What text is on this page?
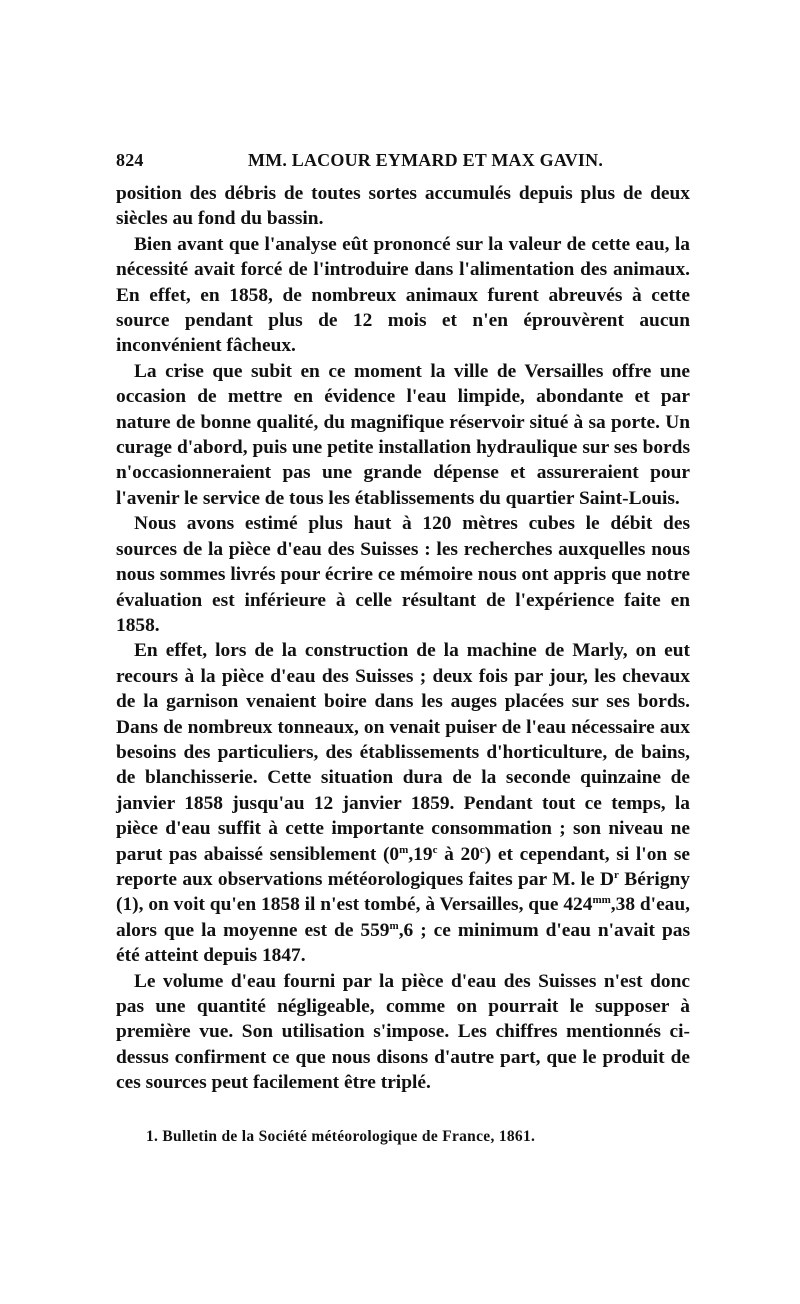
824	MM. LACOUR EYMARD ET MAX GAVIN.

position des débris de toutes sortes accumulés depuis plus de deux siècles au fond du bassin.

Bien avant que l'analyse eût prononcé sur la valeur de cette eau, la nécessité avait forcé de l'introduire dans l'alimentation des animaux. En effet, en 1858, de nombreux animaux furent abreuvés à cette source pendant plus de 12 mois et n'en éprouvèrent aucun inconvénient fâcheux.

La crise que subit en ce moment la ville de Versailles offre une occasion de mettre en évidence l'eau limpide, abondante et par nature de bonne qualité, du magnifique réservoir situé à sa porte. Un curage d'abord, puis une petite installation hydraulique sur ses bords n'occasionneraient pas une grande dépense et assureraient pour l'avenir le service de tous les établissements du quartier Saint-Louis.

Nous avons estimé plus haut à 120 mètres cubes le débit des sources de la pièce d'eau des Suisses : les recherches auxquelles nous nous sommes livrés pour écrire ce mémoire nous ont appris que notre évaluation est inférieure à celle résultant de l'expérience faite en 1858.

En effet, lors de la construction de la machine de Marly, on eut recours à la pièce d'eau des Suisses ; deux fois par jour, les chevaux de la garnison venaient boire dans les auges placées sur ses bords. Dans de nombreux tonneaux, on venait puiser de l'eau nécessaire aux besoins des particuliers, des établissements d'horticulture, de bains, de blanchisserie. Cette situation dura de la seconde quinzaine de janvier 1858 jusqu'au 12 janvier 1859. Pendant tout ce temps, la pièce d'eau suffit à cette importante consommation ; son niveau ne parut pas abaissé sensiblement (0$^m$,19$^c$ à 20$^c$) et cependant, si l'on se reporte aux observations météorologiques faites par M. le $D^r$ Bérigny (1), on voit qu'en 1858 il n'est tombé, à Versailles, que $424^{mm},38$ d'eau, alors que la moyenne est de 559$^m$,6 ; ce minimum d'eau n'avait pas été atteint depuis 1847.

Le volume d'eau fourni par la pièce d'eau des Suisses n'est donc pas une quantité négligeable, comme on pourrait le supposer à première vue. Son utilisation s'impose. Les chiffres mentionnés ci-dessus confirment ce que nous disons d'autre part, que le produit de ces sources peut facilement être triplé.

1. Bulletin de la Société météorologique de France, 1861.
